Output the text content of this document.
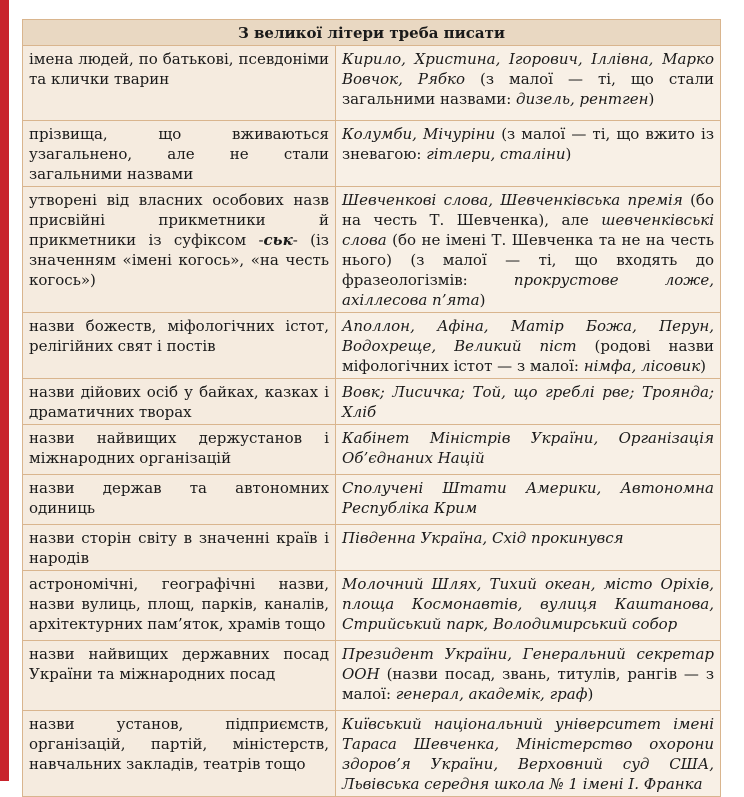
З великої літери треба писати	
імена людей, по батькові, псевдоніми та клички тварин	Кирило, Христина, Ігорович, Іллівна, Марко Вовчок, Рябко (з малої — ті, що стали загальними назвами: дизель, рентген)
прізвища, що вживаються узагальнено, але не стали загальними назвами	Колумби, Мічуріни (з малої — ті, що вжито із зневагою: гітлери, сталіни)
утворені від власних особових назв присвійні прикметники й прикметники із суфіксом -ськ- (із значенням «імені когось», «на честь когось»)	Шевченкові слова, Шевченківська премія (бо на честь Т. Шевченка), але шевченківські слова (бо не імені Т. Шевченка та не на честь нього) (з малої — ті, що входять до фразеологізмів: прокрустове ложе, ахіллесова п’ята)
назви божеств, міфологічних істот, релігійних свят і постів	Аполлон, Афіна, Матір Божа, Перун, Водохреще, Великий піст (родові назви міфологічних істот — з малої: німфа, лісовик)
назви дійових осіб у байках, казках і драматичних творах	Вовк; Лисичка; Той, що греблі рве; Троянда; Хліб
назви найвищих держустанов і міжнародних організацій	Кабінет Міністрів України, Організація Об’єднаних Націй
назви держав та автономних одиниць	Сполучені Штати Америки, Автономна Республіка Крим
назви сторін світу в значенні країв і народів	Південна Україна, Схід прокинувся
астрономічні, географічні назви, назви вулиць, площ, парків, каналів, архітектурних пам’яток, храмів тощо	Молочний Шлях, Тихий океан, місто Оріхів, площа Космонавтів, вулиця Каштанова, Стрийський парк, Володимирський собор
назви найвищих державних посад України та міжнародних посад	Президент України, Генеральний секретар ООН (назви посад, звань, титулів, рангів — з малої: генерал, академік, граф)
назви установ, підприємств, організацій, партій, міністерств, навчальних закладів, театрів тощо	Київський національний університет імені Тараса Шевченка, Міністерство охорони здоров’я України, Верховний суд США, Львівська середня школа № 1 імені І. Франка
